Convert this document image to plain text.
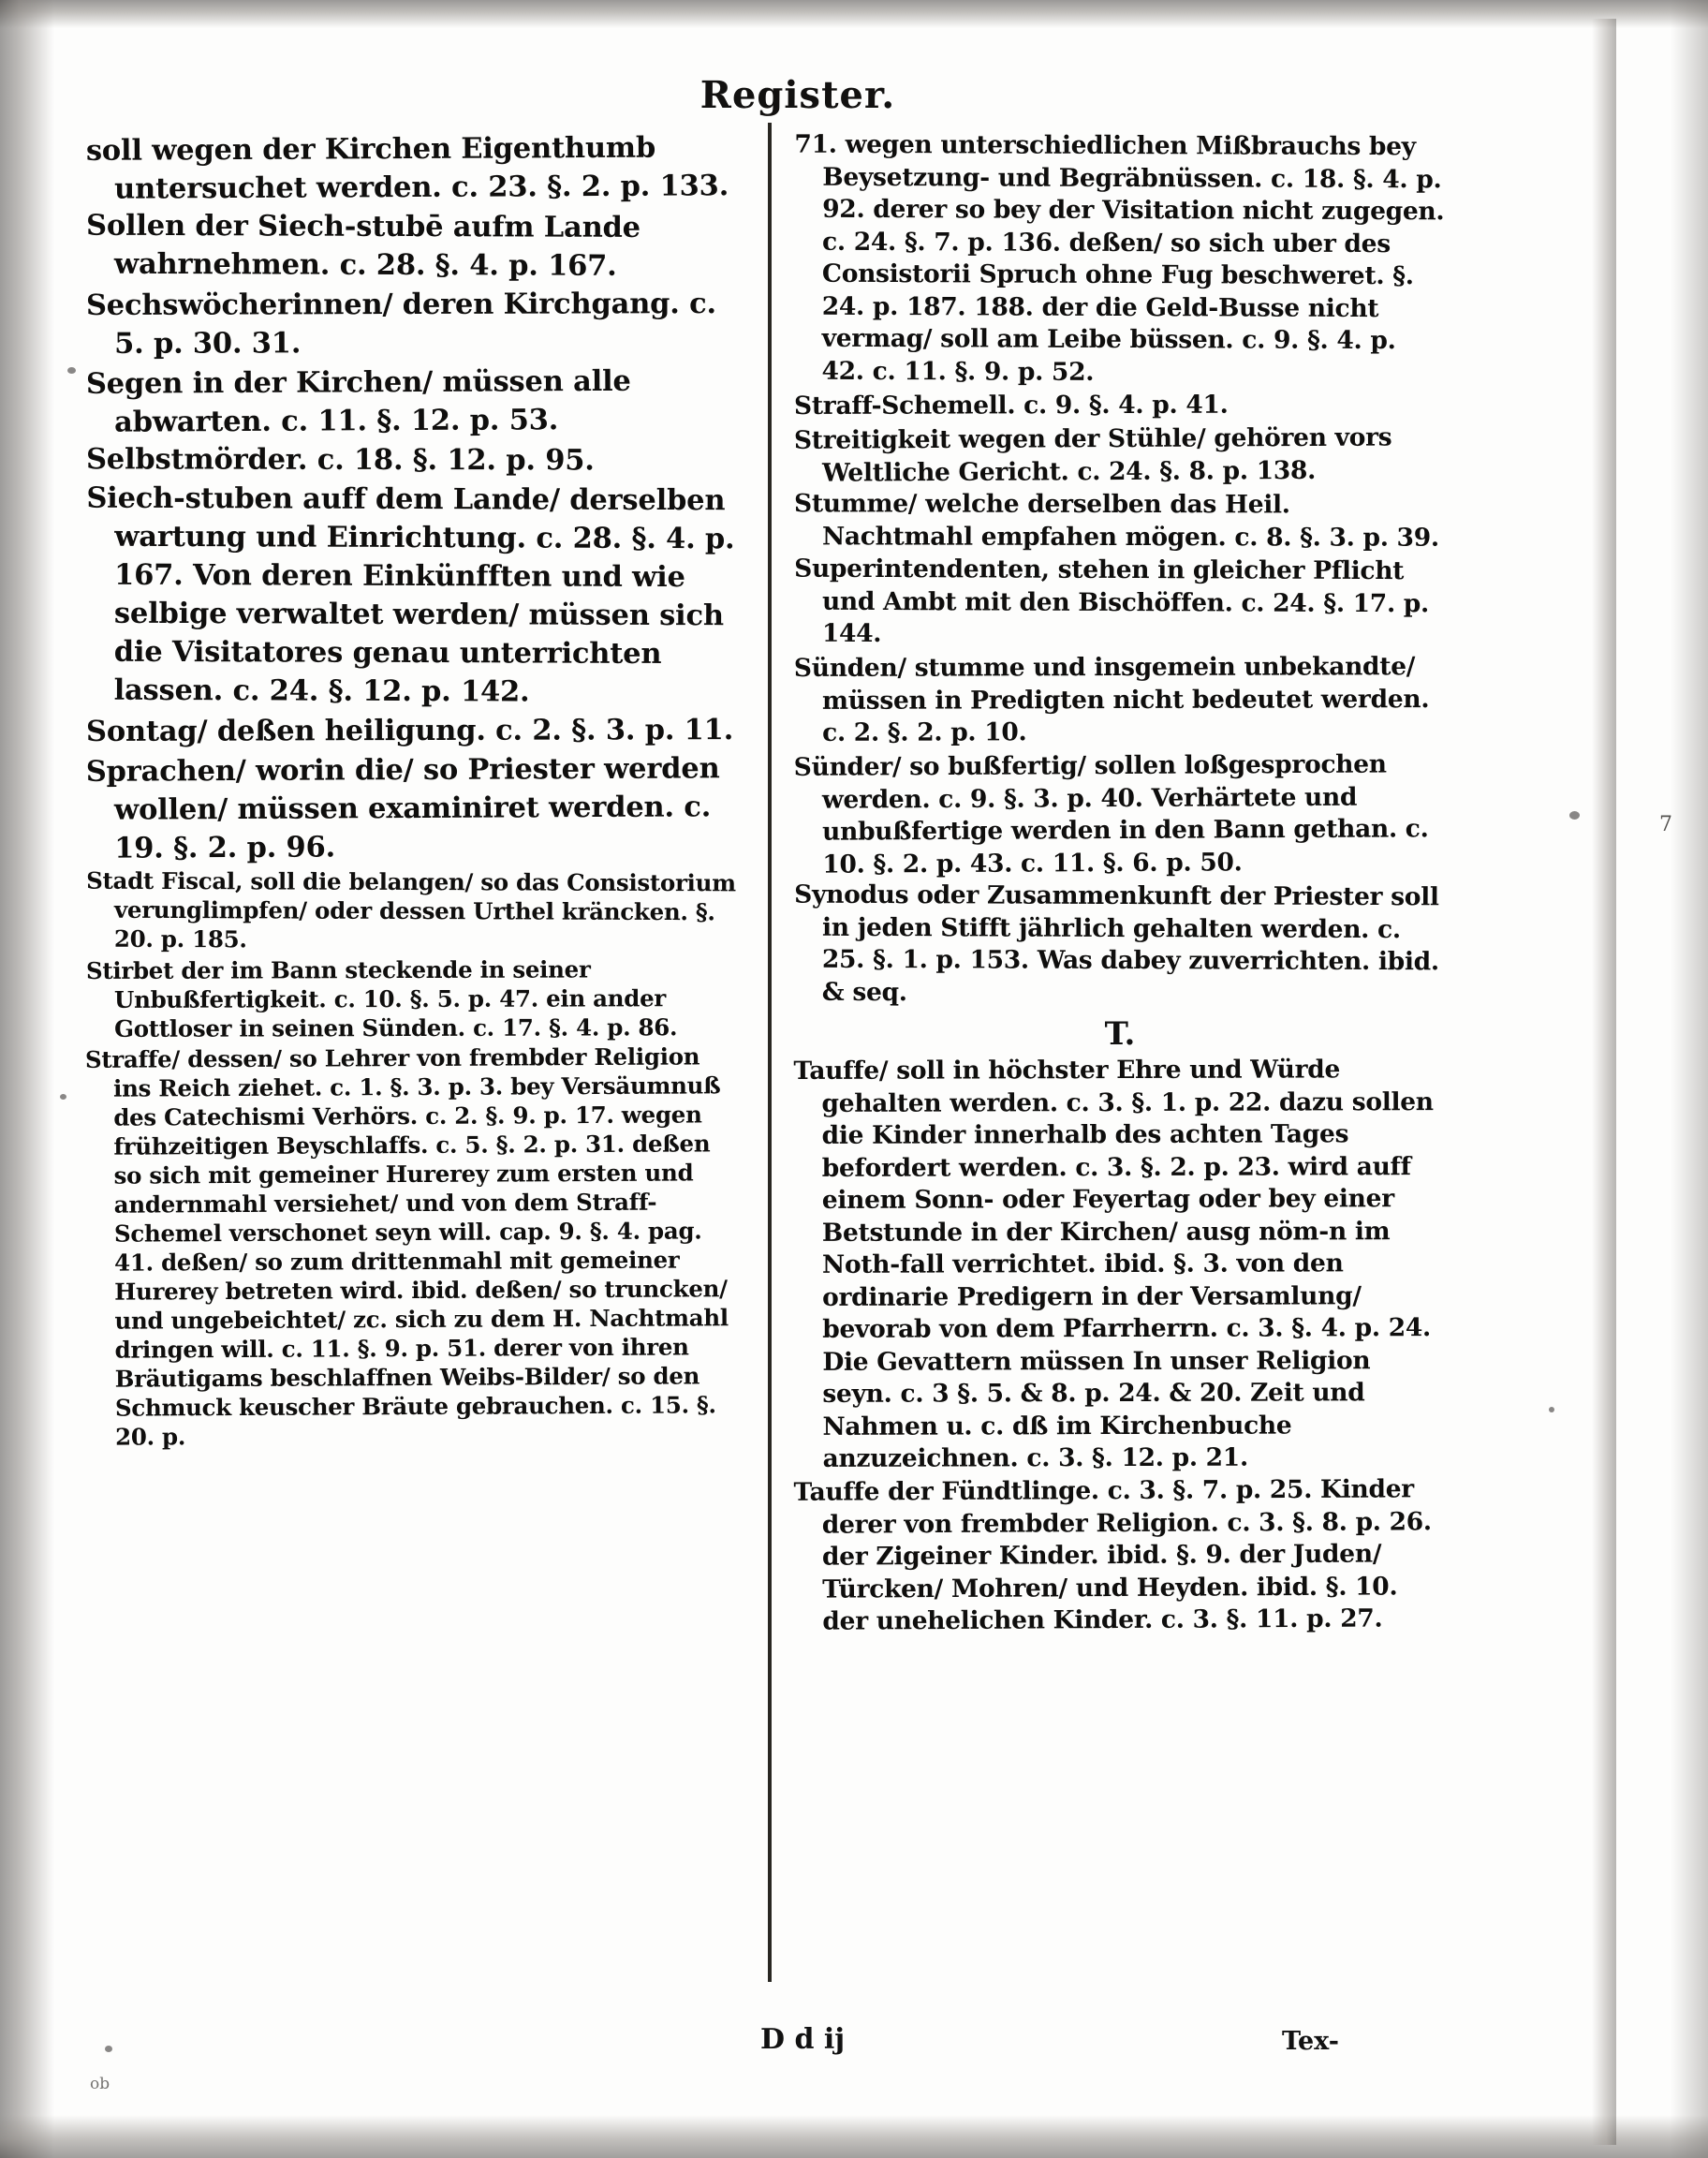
7
Register.

soll wegen der Kirchen Eigenthumb untersuchet werden. c. 23. §. 2. p. 133.

Sollen der Siech-stubē aufm Lande wahrnehmen. c. 28. §. 4. p. 167.

Sechswöcherinnen/ deren Kirchgang. c. 5. p. 30. 31.

Segen in der Kirchen/ müssen alle abwarten. c. 11. §. 12. p. 53.

Selbstmörder. c. 18. §. 12. p. 95.

Siech-stuben auff dem Lande/ derselben wartung und Einrichtung. c. 28. §. 4. p. 167. Von deren Einkünfften und wie selbige verwaltet werden/ müssen sich die Visitatores genau unterrichten lassen. c. 24. §. 12. p. 142.

Sontag/ deßen heiligung. c. 2. §. 3. p. 11.

Sprachen/ worin die/ so Priester werden wollen/ müssen examiniret werden. c. 19. §. 2. p. 96.

Stadt Fiscal, soll die belangen/ so das Consistorium verunglimpfen/ oder dessen Urthel kräncken. §. 20. p. 185.

Stirbet der im Bann steckende in seiner Unbußfertigkeit. c. 10. §. 5. p. 47. ein ander Gottloser in seinen Sünden. c. 17. §. 4. p. 86.

Straffe/ dessen/ so Lehrer von frembder Religion ins Reich ziehet. c. 1. §. 3. p. 3. bey Versäumnuß des Catechismi Verhörs. c. 2. §. 9. p. 17. wegen frühzeitigen Beyschlaffs. c. 5. §. 2. p. 31. deßen so sich mit gemeiner Hurerey zum ersten und andernmahl versiehet/ und von dem Straff-Schemel verschonet seyn will. cap. 9. §. 4. pag. 41. deßen/ so zum drittenmahl mit gemeiner Hurerey betreten wird. ibid. deßen/ so truncken/ und ungebeichtet/ zc. sich zu dem H. Nachtmahl dringen will. c. 11. §. 9. p. 51. derer von ihren Bräutigams beschlaffnen Weibs-Bilder/ so den Schmuck keuscher Bräute gebrauchen. c. 15. §. 20. p.

71. wegen unterschiedlichen Mißbrauchs bey Beysetzung- und Begräbnüssen. c. 18. §. 4. p. 92. derer so bey der Visitation nicht zugegen. c. 24. §. 7. p. 136. deßen/ so sich uber des Consistorii Spruch ohne Fug beschweret. §. 24. p. 187. 188. der die Geld-Busse nicht vermag/ soll am Leibe büssen. c. 9. §. 4. p. 42. c. 11. §. 9. p. 52.

Straff-Schemell. c. 9. §. 4. p. 41.

Streitigkeit wegen der Stühle/ gehören vors Weltliche Gericht. c. 24. §. 8. p. 138.

Stumme/ welche derselben das Heil. Nachtmahl empfahen mögen. c. 8. §. 3. p. 39.

Superintendenten, stehen in gleicher Pflicht und Ambt mit den Bischöffen. c. 24. §. 17. p. 144.

Sünden/ stumme und insgemein unbekandte/ müssen in Predigten nicht bedeutet werden. c. 2. §. 2. p. 10.

Sünder/ so bußfertig/ sollen loßgesprochen werden. c. 9. §. 3. p. 40. Verhärtete und unbußfertige werden in den Bann gethan. c. 10. §. 2. p. 43. c. 11. §. 6. p. 50.

Synodus oder Zusammenkunft der Priester soll in jeden Stifft jährlich gehalten werden. c. 25. §. 1. p. 153. Was dabey zuverrichten. ibid. & seq.

T.

Tauffe/ soll in höchster Ehre und Würde gehalten werden. c. 3. §. 1. p. 22. dazu sollen die Kinder innerhalb des achten Tages befordert werden. c. 3. §. 2. p. 23. wird auff einem Sonn- oder Feyertag oder bey einer Betstunde in der Kirchen/ ausg nöm-n im Noth-fall verrichtet. ibid. §. 3. von den ordinarie Predigern in der Versamlung/ bevorab von dem Pfarrherrn. c. 3. §. 4. p. 24. Die Gevattern müssen In unser Religion seyn. c. 3 §. 5. & 8. p. 24. & 20. Zeit und Nahmen u. c. dß im Kirchenbuche anzuzeichnen. c. 3. §. 12. p. 21.

Tauffe der Fündtlinge. c. 3. §. 7. p. 25. Kinder derer von frembder Religion. c. 3. §. 8. p. 26. der Zigeiner Kinder. ibid. §. 9. der Juden/ Türcken/ Mohren/ und Heyden. ibid. §. 10. der unehelichen Kinder. c. 3. §. 11. p. 27.

D d ij	Tex-
ob
